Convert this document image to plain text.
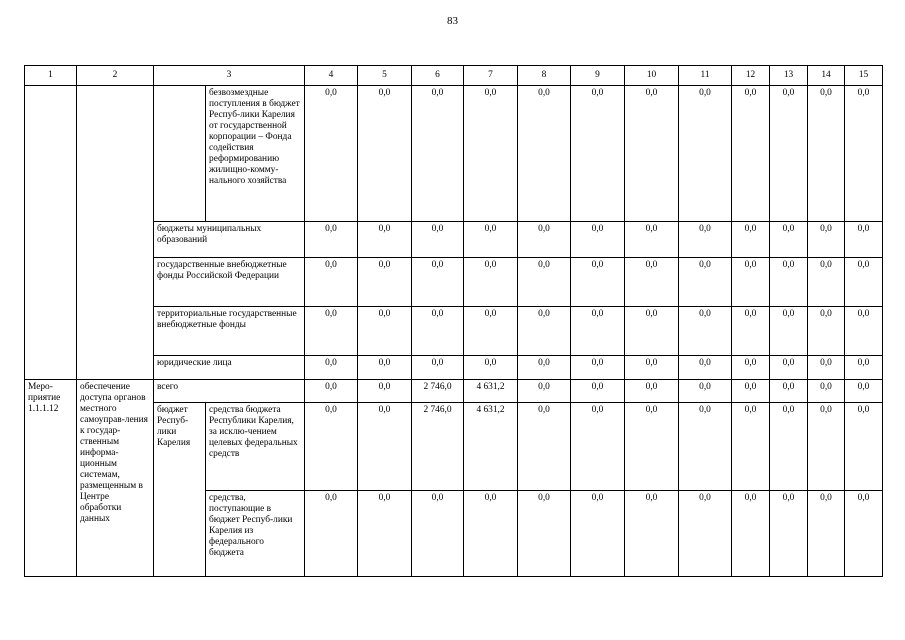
83
1	2	3		4	5	6	7	8	9	10	11	12	13	14	15
			безвозмездные поступления в бюджет Респуб-лики Карелия от государственной корпорации – Фонда содействия реформированию жилищно-комму-нального хозяйства	0,0	0,0	0,0	0,0	0,0	0,0	0,0	0,0	0,0	0,0	0,0	0,0
		бюджеты муниципальных образований		0,0	0,0	0,0	0,0	0,0	0,0	0,0	0,0	0,0	0,0	0,0	0,0
		государственные внебюджетные фонды Российской Федерации		0,0	0,0	0,0	0,0	0,0	0,0	0,0	0,0	0,0	0,0	0,0	0,0
		территориальные государственные внебюджетные фонды		0,0	0,0	0,0	0,0	0,0	0,0	0,0	0,0	0,0	0,0	0,0	0,0
		юридические лица		0,0	0,0	0,0	0,0	0,0	0,0	0,0	0,0	0,0	0,0	0,0	0,0
Меро-приятие 1.1.1.12	обеспечение доступа органов местного самоуправ-ления к государ-ственным информа-ционным системам, размещенным в Центре обработки данных	всего		0,0	0,0	2 746,0	4 631,2	0,0	0,0	0,0	0,0	0,0	0,0	0,0	0,0
		бюджет Респуб-лики Карелия	средства бюджета Республики Карелия, за исклю-чением целевых федеральных средств	0,0	0,0	2 746,0	4 631,2	0,0	0,0	0,0	0,0	0,0	0,0	0,0	0,0
			средства, поступающие в бюджет Респуб-лики Карелия из федерального бюджета	0,0	0,0	0,0	0,0	0,0	0,0	0,0	0,0	0,0	0,0	0,0	0,0
